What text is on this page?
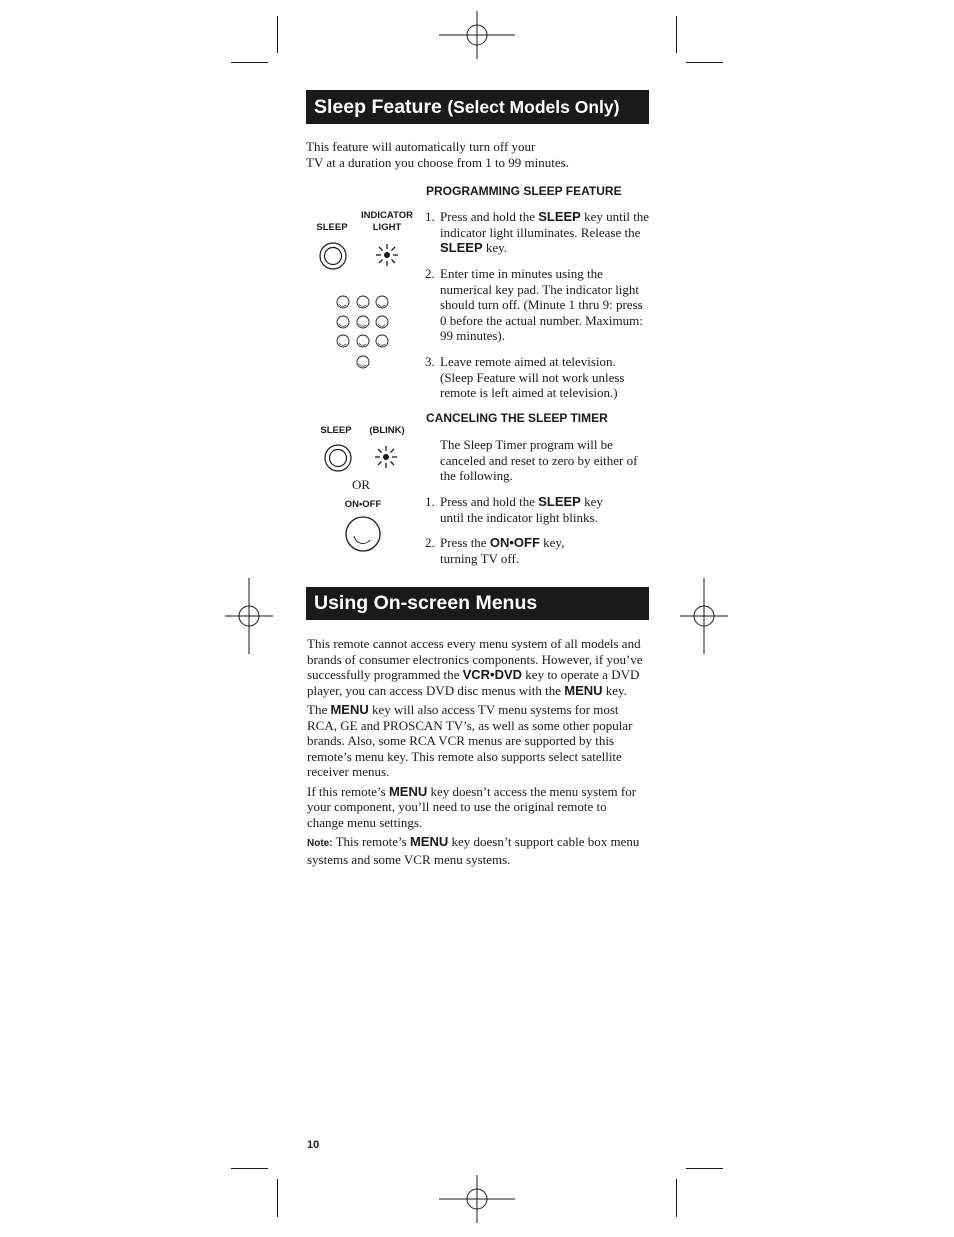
Sleep Feature (Select Models Only)
This feature will automatically turn off your
TV at a duration you choose from 1 to 99 minutes.
PROGRAMMING SLEEP FEATURE
SLEEP
INDICATOR
LIGHT
1. Press and hold the SLEEP key until the indicator light illuminates. Release the SLEEP key.
2. Enter time in minutes using the numerical key pad. The indicator light should turn off. (Minute 1 thru 9: press 0 before the actual number. Maximum: 99 minutes).
3. Leave remote aimed at television. (Sleep Feature will not work unless remote is left aimed at television.)
CANCELING THE SLEEP TIMER
SLEEP	(BLINK)
OR
ON•OFF
The Sleep Timer program will be canceled and reset to zero by either of the following.
1. Press and hold the SLEEP key until the indicator light blinks.
2. Press the ON•OFF key, turning TV off.
Using On-screen Menus

This remote cannot access every menu system of all models and brands of consumer electronics components. However, if you’ve successfully programmed the VCR•DVD key to operate a DVD player, you can access DVD disc menus with the MENU key.

The MENU key will also access TV menu systems for most RCA, GE and PROSCAN TV’s, as well as some other popular brands. Also, some RCA VCR menus are supported by this remote’s menu key. This remote also supports select satellite receiver menus.

If this remote’s MENU key doesn’t access the menu system for your component, you’ll need to use the original remote to change menu settings.

Note: This remote’s MENU key doesn’t support cable box menu systems and some VCR menu systems.

10
